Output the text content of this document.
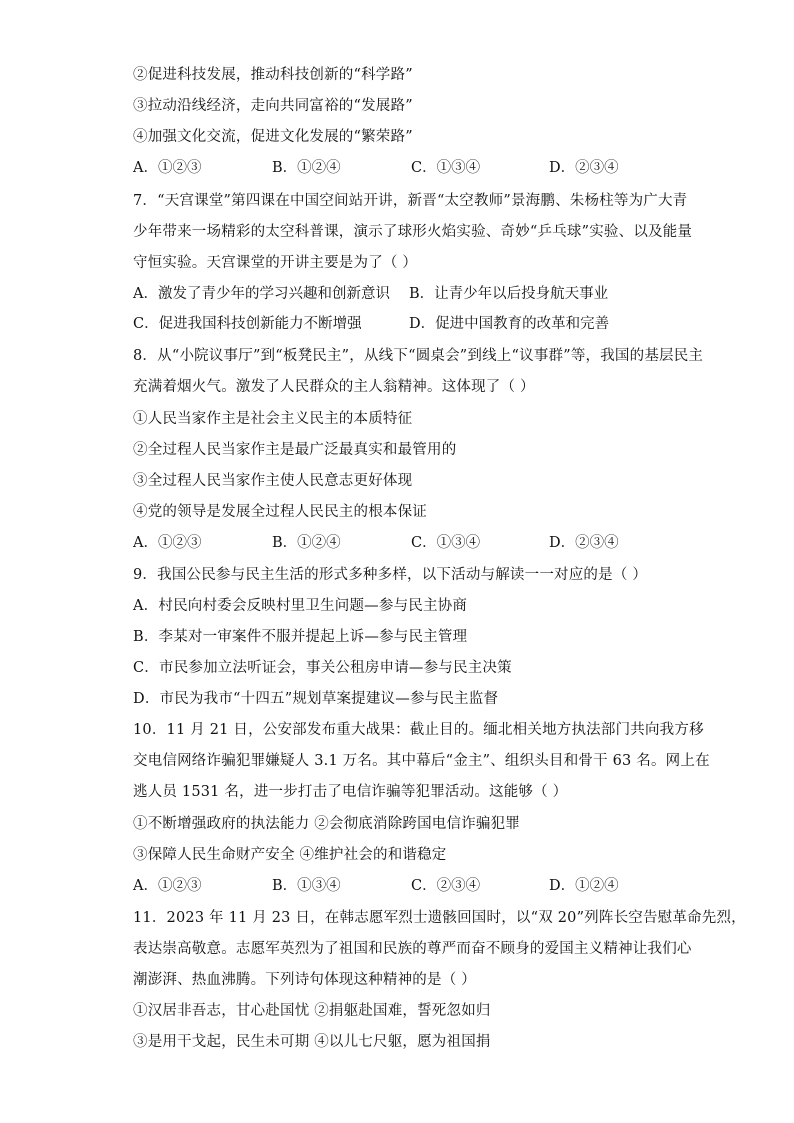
②促进科技发展，推动科技创新的“科学路”
③拉动沿线经济，走向共同富裕的“发展路”
④加强文化交流，促进文化发展的“繁荣路”
A．①②③	B．①②④	C．①③④	D．②③④
7．“天宫课堂”第四课在中国空间站开讲，新晋“太空教师”景海鹏、朱杨柱等为广大青
少年带来一场精彩的太空科普课，演示了球形火焰实验、奇妙“乒乓球”实验、以及能量
守恒实验。天宫课堂的开讲主要是为了（ ）
A．激发了青少年的学习兴趣和创新意识 B．让青少年以后投身航天事业
C．促进我国科技创新能力不断增强	D．促进中国教育的改革和完善
8．从“小院议事厅”到“板凳民主”，从线下“圆桌会”到线上“议事群”等，我国的基层民主
充满着烟火气。激发了人民群众的主人翁精神。这体现了（ ）
①人民当家作主是社会主义民主的本质特征
②全过程人民当家作主是最广泛最真实和最管用的
③全过程人民当家作主使人民意志更好体现
④党的领导是发展全过程人民民主的根本保证
A．①②③	B．①②④	C．①③④	D．②③④
9．我国公民参与民主生活的形式多种多样，以下活动与解读一一对应的是（ ）
A．村民向村委会反映村里卫生问题—参与民主协商
B．李某对一审案件不服并提起上诉—参与民主管理
C．市民参加立法听证会，事关公租房申请—参与民主决策
D．市民为我市“十四五”规划草案提建议—参与民主监督
10．11 月 21 日，公安部发布重大战果：截止目的。缅北相关地方执法部门共向我方移
交电信网络诈骗犯罪嫌疑人 3.1 万名。其中幕后“金主”、组织头目和骨干 63 名。网上在
逃人员 1531 名，进一步打击了电信诈骗等犯罪活动。这能够（ ）
①不断增强政府的执法能力 ②会彻底消除跨国电信诈骗犯罪
③保障人民生命财产安全 ④维护社会的和谐稳定
A．①②③	B．①③④	C．②③④	D．①②④
11．2023 年 11 月 23 日，在韩志愿军烈士遗骸回国时，以“双 20”列阵长空告慰革命先烈，
表达崇高敬意。志愿军英烈为了祖国和民族的尊严而奋不顾身的爱国主义精神让我们心
潮澎湃、热血沸腾。下列诗句体现这种精神的是（ ）
①汉居非吾志，甘心赴国忧 ②捐躯赴国难，誓死忽如归
③是用干戈起，民生未可期 ④以儿七尺躯，愿为祖国捐
